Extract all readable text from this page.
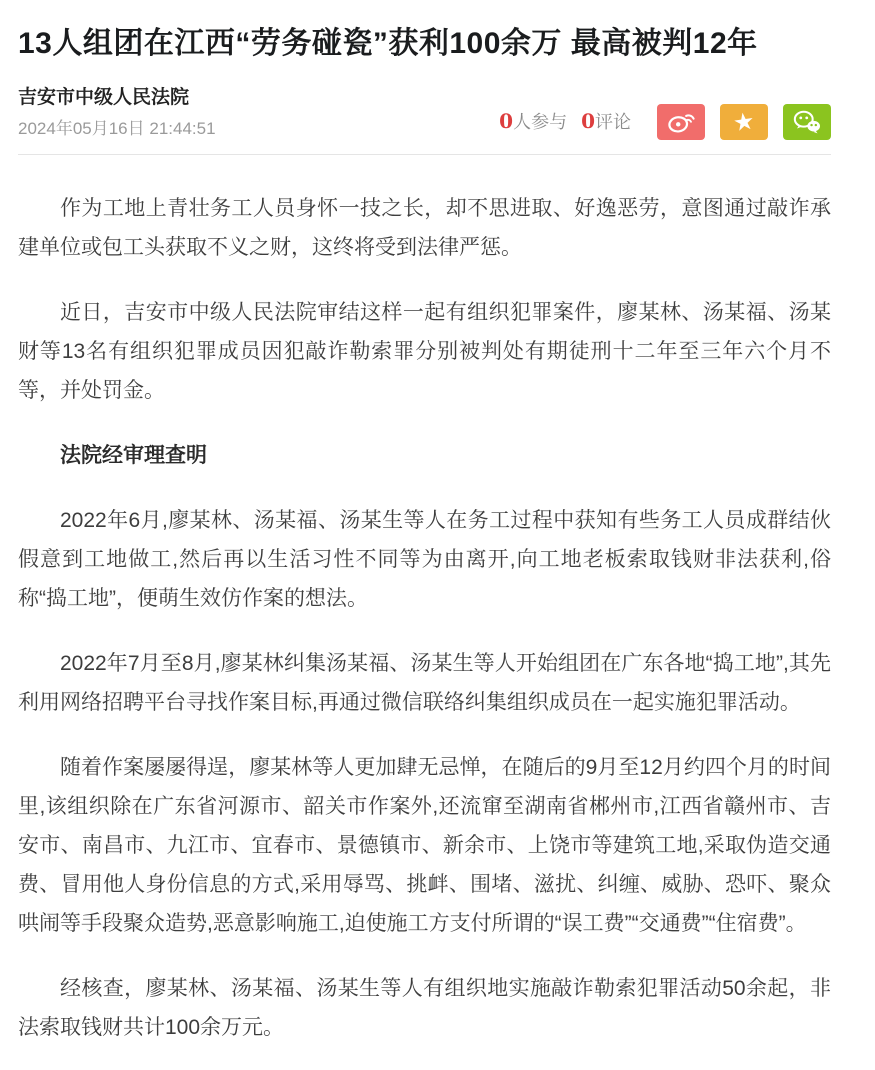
13人组团在江西“劳务碰瓷”获利100余万 最高被判12年
吉安市中级人民法院
2024年05月16日 21:44:51	0人参与 0评论	★

作为工地上青壮务工人员身怀一技之长，却不思进取、好逸恶劳，意图通过敲诈承建单位或包工头获取不义之财，这终将受到法律严惩。

近日，吉安市中级人民法院审结这样一起有组织犯罪案件，廖某林、汤某福、汤某财等13名有组织犯罪成员因犯敲诈勒索罪分别被判处有期徒刑十二年至三年六个月不等，并处罚金。

法院经审理查明

2022年6月,廖某林、汤某福、汤某生等人在务工过程中获知有些务工人员成群结伙假意到工地做工,然后再以生活习性不同等为由离开,向工地老板索取钱财非法获利,俗称“捣工地”，便萌生效仿作案的想法。

2022年7月至8月,廖某林纠集汤某福、汤某生等人开始组团在广东各地“捣工地”,其先利用网络招聘平台寻找作案目标,再通过微信联络纠集组织成员在一起实施犯罪活动。

随着作案屡屡得逞，廖某林等人更加肆无忌惮，在随后的9月至12月约四个月的时间里,该组织除在广东省河源市、韶关市作案外,还流窜至湖南省郴州市,江西省赣州市、吉安市、南昌市、九江市、宜春市、景德镇市、新余市、上饶市等建筑工地,采取伪造交通费、冒用他人身份信息的方式,采用辱骂、挑衅、围堵、滋扰、纠缠、威胁、恐吓、聚众哄闹等手段聚众造势,恶意影响施工,迫使施工方支付所谓的“误工费”“交通费”“住宿费”。

经核查，廖某林、汤某福、汤某生等人有组织地实施敲诈勒索犯罪活动50余起，非法索取钱财共计100余万元。
